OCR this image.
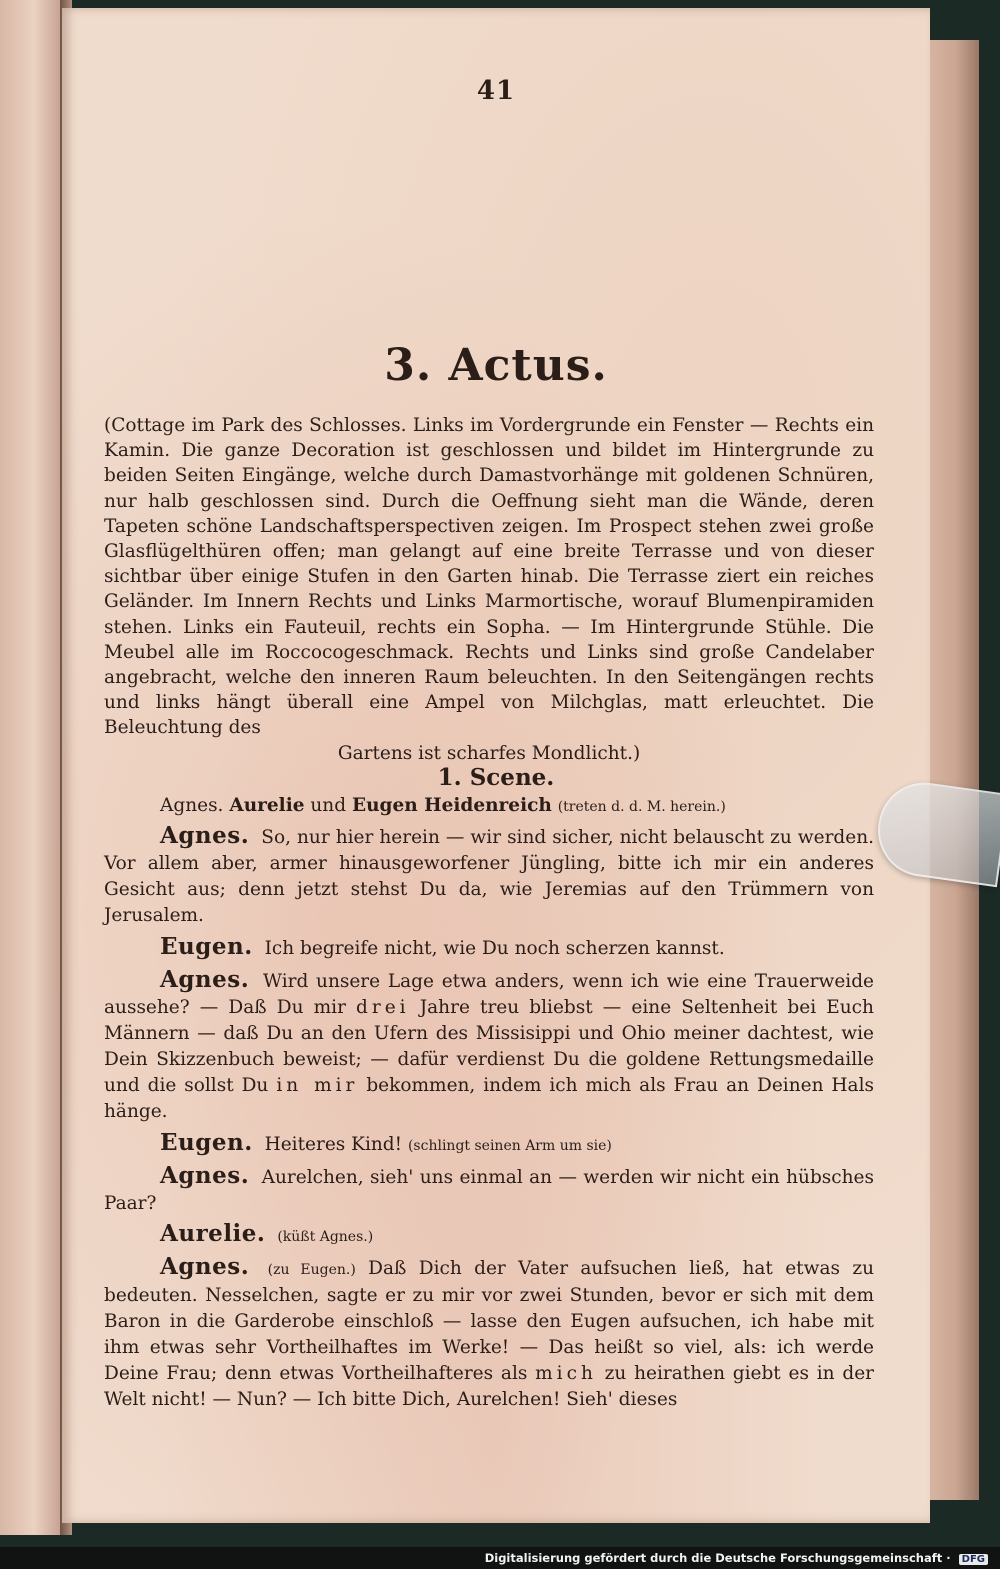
41
3. Actus.
(Cottage im Park des Schlosses. Links im Vordergrunde ein Fenster — Rechts ein Kamin. Die ganze Decoration ist geschlossen und bildet im Hintergrunde zu beiden Seiten Eingänge, welche durch Damastvorhänge mit goldenen Schnüren, nur halb geschlossen sind. Durch die Oeffnung sieht man die Wände, deren Tapeten schöne Landschaftsperspectiven zeigen. Im Prospect stehen zwei große Glasflügelthüren offen; man gelangt auf eine breite Terrasse und von dieser sichtbar über einige Stufen in den Garten hinab. Die Terrasse ziert ein reiches Geländer. Im Innern Rechts und Links Marmortische, worauf Blumenpiramiden stehen. Links ein Fauteuil, rechts ein Sopha. — Im Hintergrunde Stühle. Die Meubel alle im Roccocogeschmack. Rechts und Links sind große Candelaber angebracht, welche den inneren Raum beleuchten. In den Seitengängen rechts und links hängt überall eine Ampel von Milchglas, matt erleuchtet. Die Beleuchtung des
Gartens ist scharfes Mondlicht.)
1. Scene.
Agnes. Aurelie und Eugen Heidenreich (treten d. d. M. herein.)

Agnes. So, nur hier herein — wir sind sicher, nicht belauscht zu werden. Vor allem aber, armer hinausgeworfener Jüngling, bitte ich mir ein anderes Gesicht aus; denn jetzt stehst Du da, wie Jeremias auf den Trümmern von Jerusalem.

Eugen. Ich begreife nicht, wie Du noch scherzen kannst.

Agnes. Wird unsere Lage etwa anders, wenn ich wie eine Trauerweide aussehe? — Daß Du mir drei Jahre treu bliebst — eine Seltenheit bei Euch Männern — daß Du an den Ufern des Missisippi und Ohio meiner dachtest, wie Dein Skizzenbuch beweist; — dafür verdienst Du die goldene Rettungsmedaille und die sollst Du in mir bekommen, indem ich mich als Frau an Deinen Hals hänge.

Eugen. Heiteres Kind! (schlingt seinen Arm um sie)

Agnes. Aurelchen, sieh' uns einmal an — werden wir nicht ein hübsches Paar?

Aurelie. (küßt Agnes.)

Agnes. (zu Eugen.) Daß Dich der Vater aufsuchen ließ, hat etwas zu bedeuten. Nesselchen, sagte er zu mir vor zwei Stunden, bevor er sich mit dem Baron in die Garderobe einschloß — lasse den Eugen aufsuchen, ich habe mit ihm etwas sehr Vortheilhaftes im Werke! — Das heißt so viel, als: ich werde Deine Frau; denn etwas Vortheilhafteres als mich zu heirathen giebt es in der Welt nicht! — Nun? — Ich bitte Dich, Aurelchen! Sieh' dieses

Digitalisierung gefördert durch die Deutsche Forschungsgemeinschaft · DFG
